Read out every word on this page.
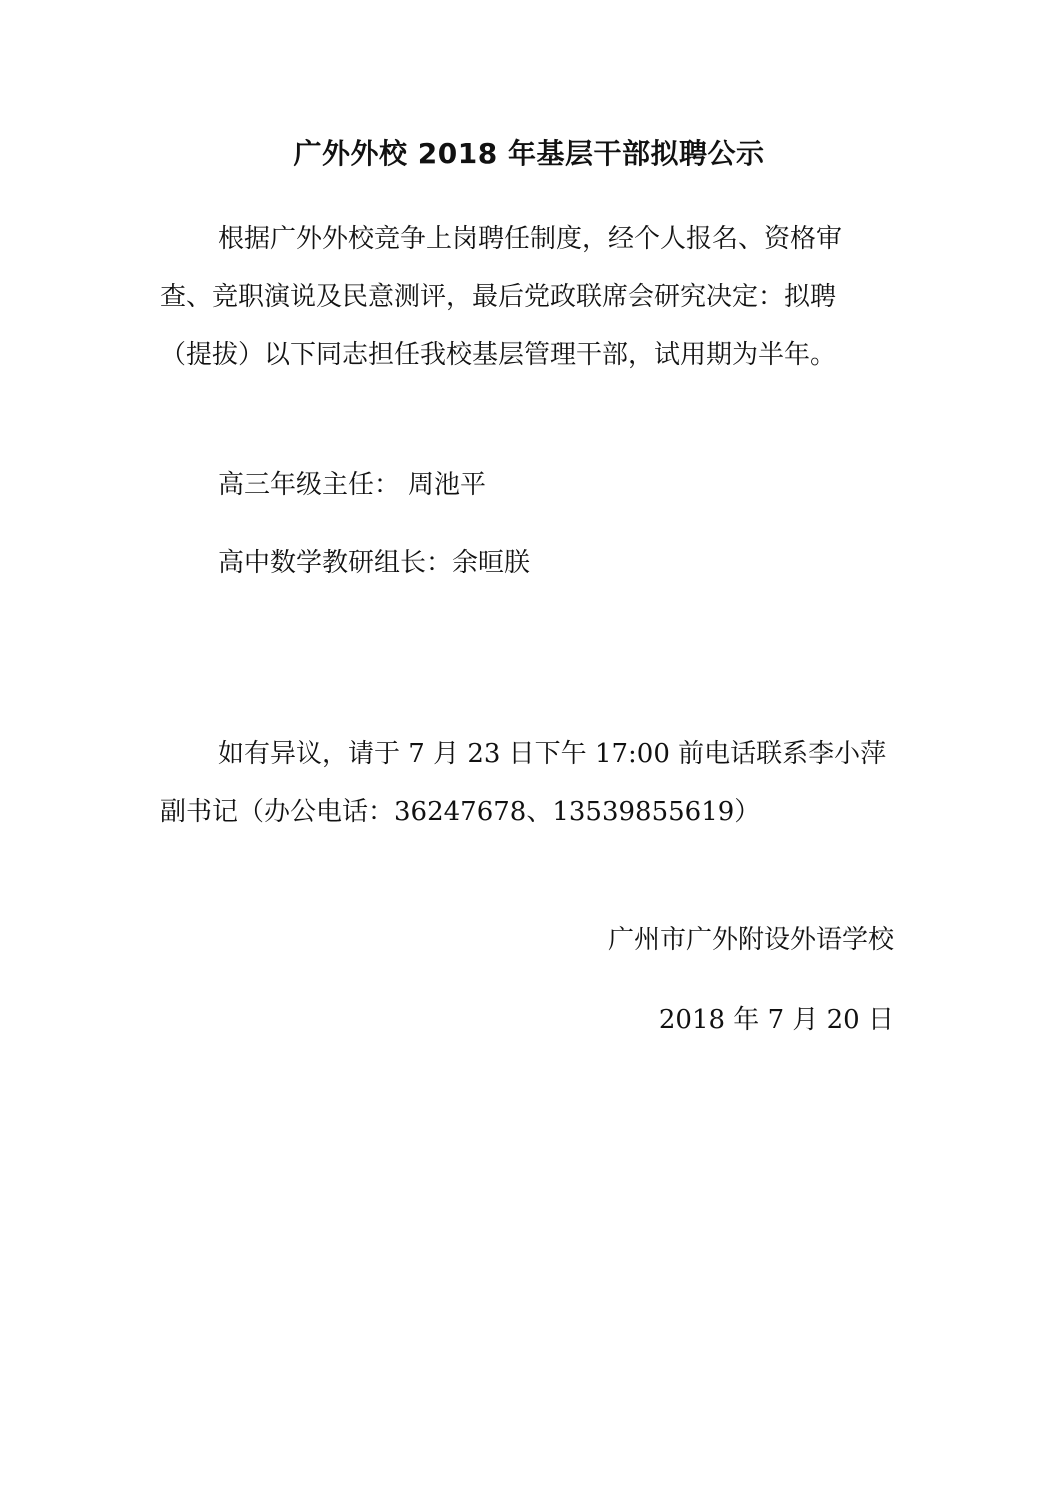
广外外校 2018 年基层干部拟聘公示

根据广外外校竞争上岗聘任制度，经个人报名、资格审查、竞职演说及民意测评，最后党政联席会研究决定：拟聘（提拔）以下同志担任我校基层管理干部，试用期为半年。

高三年级主任： 周池平
高中数学教研组长：余晅朕

如有异议，请于 7 月 23 日下午 17:00 前电话联系李小萍副书记（办公电话：36247678、13539855619）

广州市广外附设外语学校
2018 年 7 月 20 日
